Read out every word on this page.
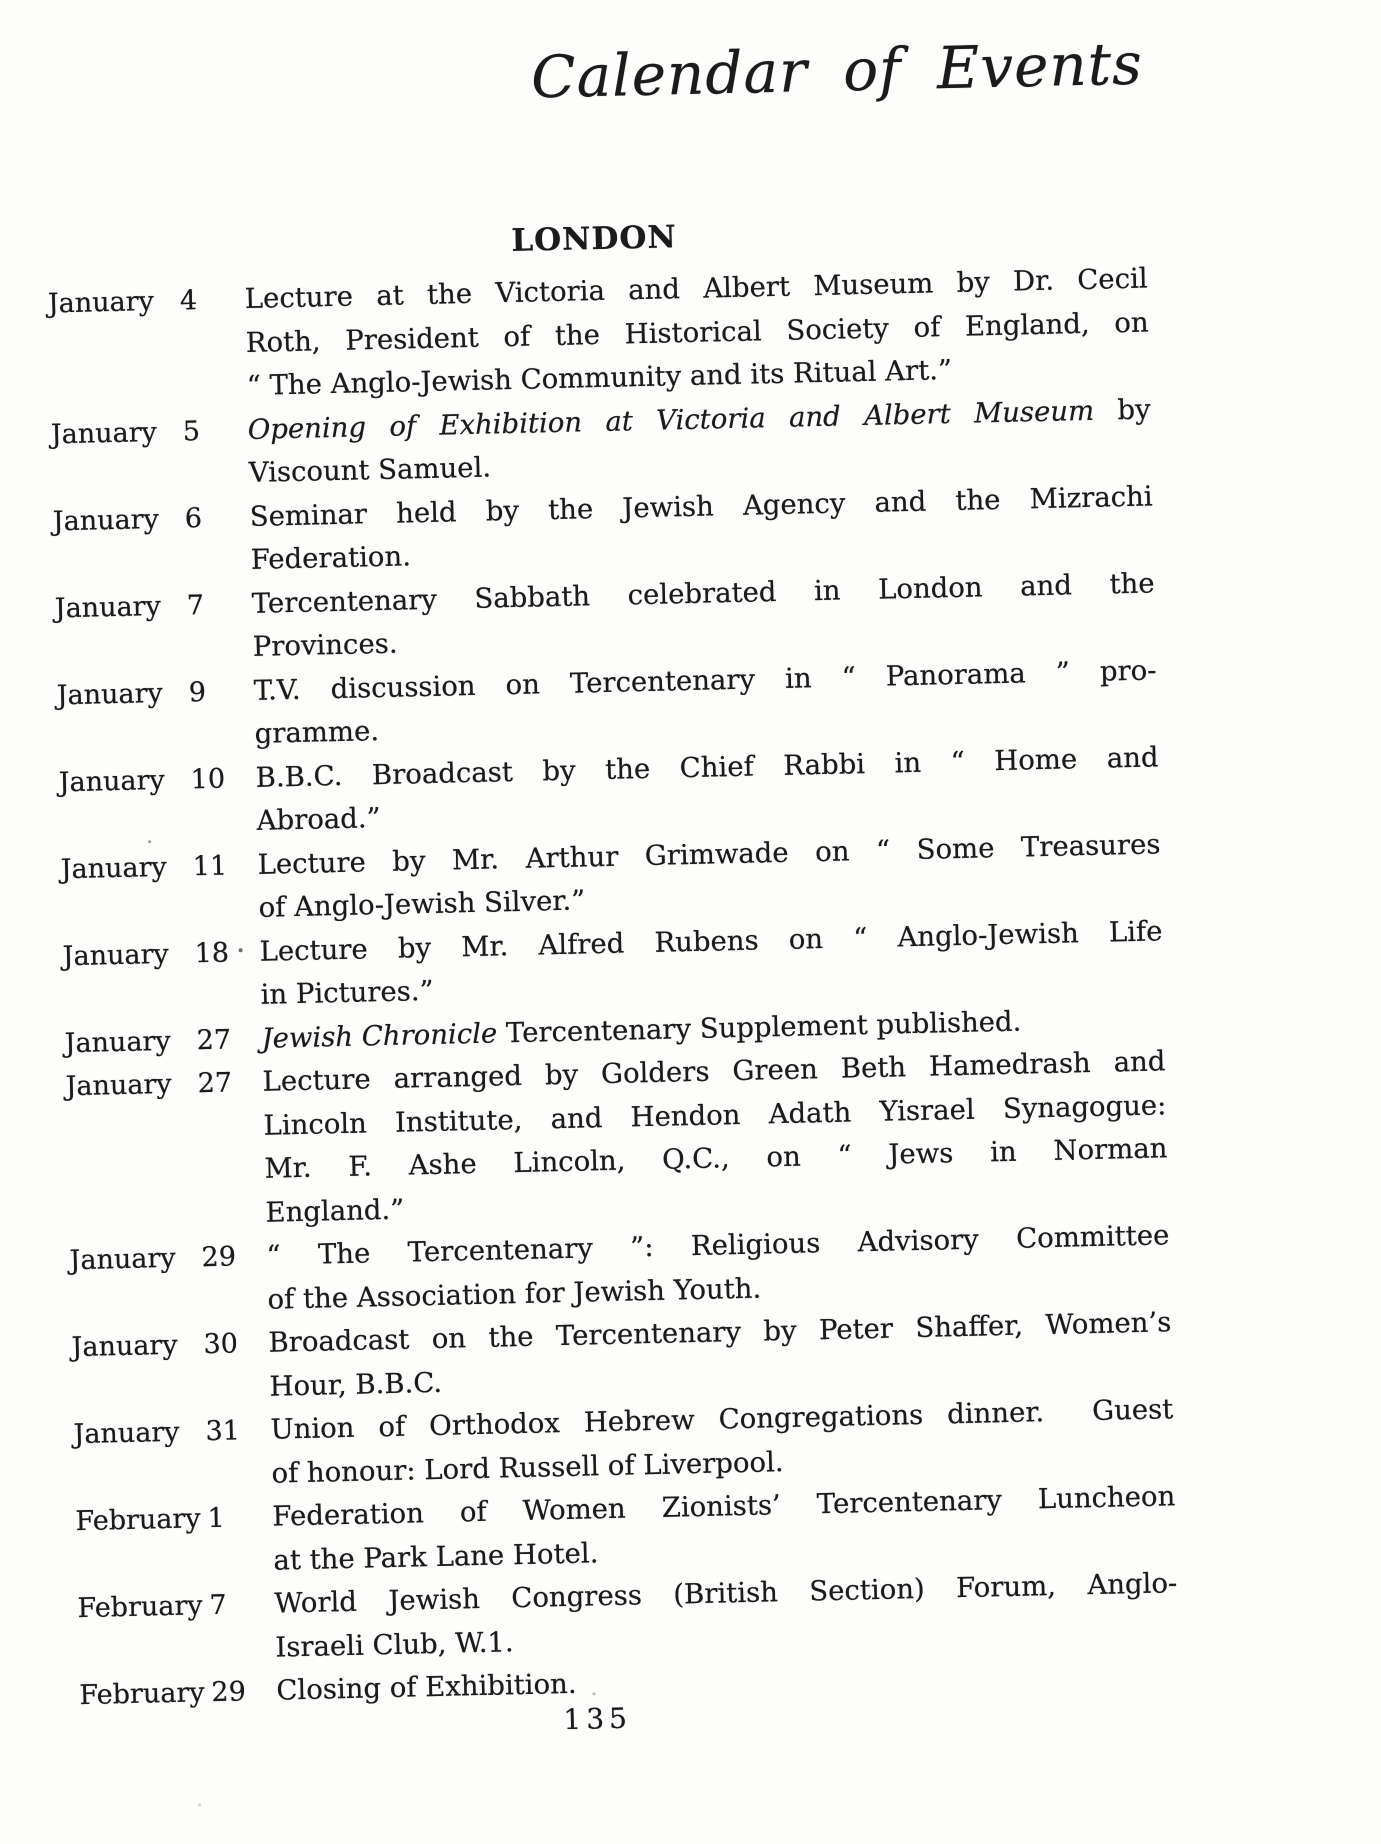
Calendar of Events
LONDON
January 4 Lecture at the Victoria and Albert Museum by Dr. Cecil
Roth, President of the Historical Society of England, on
“ The Anglo-Jewish Community and its Ritual Art.”
January 5 Opening of Exhibition at Victoria and Albert Museum by
Viscount Samuel.
January 6 Seminar held by the Jewish Agency and the Mizrachi
Federation.
January 7 Tercentenary Sabbath celebrated in London and the
Provinces.
January 9 T.V. discussion on Tercentenary in “ Panorama ” pro-
gramme.
January 10 B.B.C. Broadcast by the Chief Rabbi in “ Home and
Abroad.”
January 11 Lecture by Mr. Arthur Grimwade on “ Some Treasures
of Anglo-Jewish Silver.”
January 18 Lecture by Mr. Alfred Rubens on “ Anglo-Jewish Life
in Pictures.”
January 27 Jewish Chronicle Tercentenary Supplement published.
January 27 Lecture arranged by Golders Green Beth Hamedrash and
Lincoln Institute, and Hendon Adath Yisrael Synagogue:
Mr. F. Ashe Lincoln, Q.C., on “ Jews in Norman
England.”
January 29 “ The Tercentenary ”: Religious Advisory Committee
of the Association for Jewish Youth.
January 30 Broadcast on the Tercentenary by Peter Shaffer, Women’s
Hour, B.B.C.
January 31 Union of Orthodox Hebrew Congregations dinner.  Guest
of honour: Lord Russell of Liverpool.
February 1 Federation of Women Zionists’ Tercentenary Luncheon
at the Park Lane Hotel.
February 7 World Jewish Congress (British Section) Forum, Anglo-
Israeli Club, W.1.
February 29 Closing of Exhibition.
135
